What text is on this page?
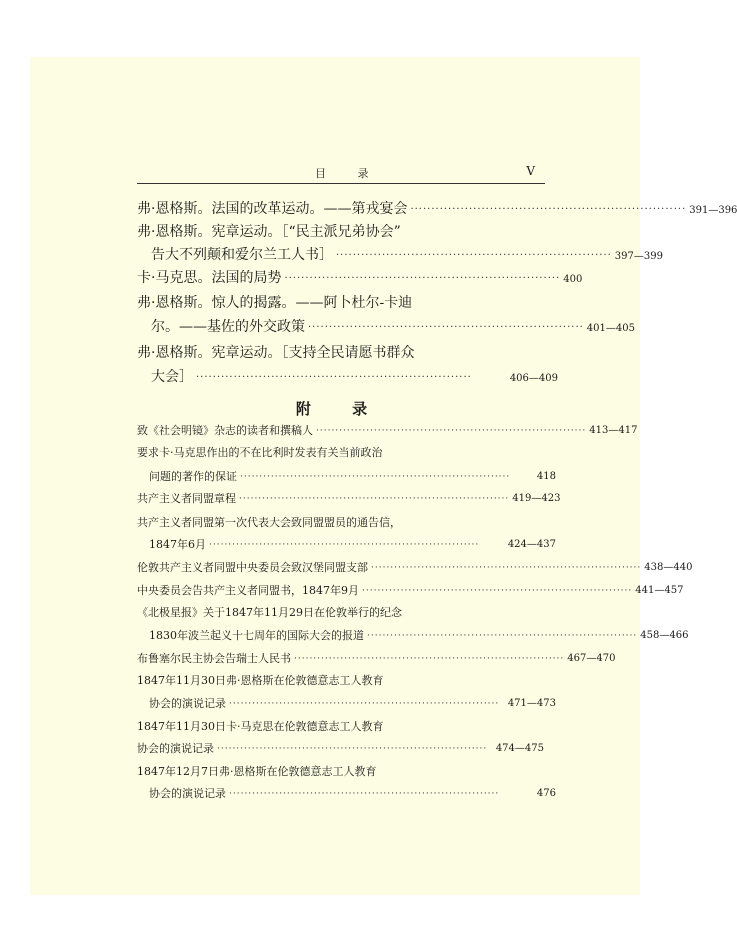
目 录	V
弗·恩格斯。法国的改革运动。——第戎宴会 ·································································· 391—396
弗·恩格斯。宪章运动。［“民主派兄弟协会”
告大不列颠和爱尔兰工人书］ ·································································· 397—399
卡·马克思。法国的局势 ·································································· 400
弗·恩格斯。惊人的揭露。——阿卜杜尔-卡迪
尔。——基佐的外交政策 ·································································· 401—405
弗·恩格斯。宪章运动。［支持全民请愿书群众
大会］ ··································································	406—409
附 录
致《社会明镜》杂志的读者和撰稿人 ······································································ 413—417
要求卡·马克思作出的不在比利时发表有关当前政治
问题的著作的保证 ······································································	418
共产主义者同盟章程 ······································································ 419—423
共产主义者同盟第一次代表大会致同盟盟员的通告信，
1847年6月 ······································································	424—437
伦敦共产主义者同盟中央委员会致汉堡同盟支部 ······································································ 438—440
中央委员会告共产主义者同盟书，1847年9月 ······································································ 441—457
《北极星报》关于1847年11月29日在伦敦举行的纪念
1830年波兰起义十七周年的国际大会的报道 ······································································ 458—466
布鲁塞尔民主协会告瑞士人民书 ······································································ 467—470
1847年11月30日弗·恩格斯在伦敦德意志工人教育
协会的演说记录 ······································································ 471—473
1847年11月30日卡·马克思在伦敦德意志工人教育
协会的演说记录 ······································································ 474—475
1847年12月7日弗·恩格斯在伦敦德意志工人教育
协会的演说记录 ······································································	476
